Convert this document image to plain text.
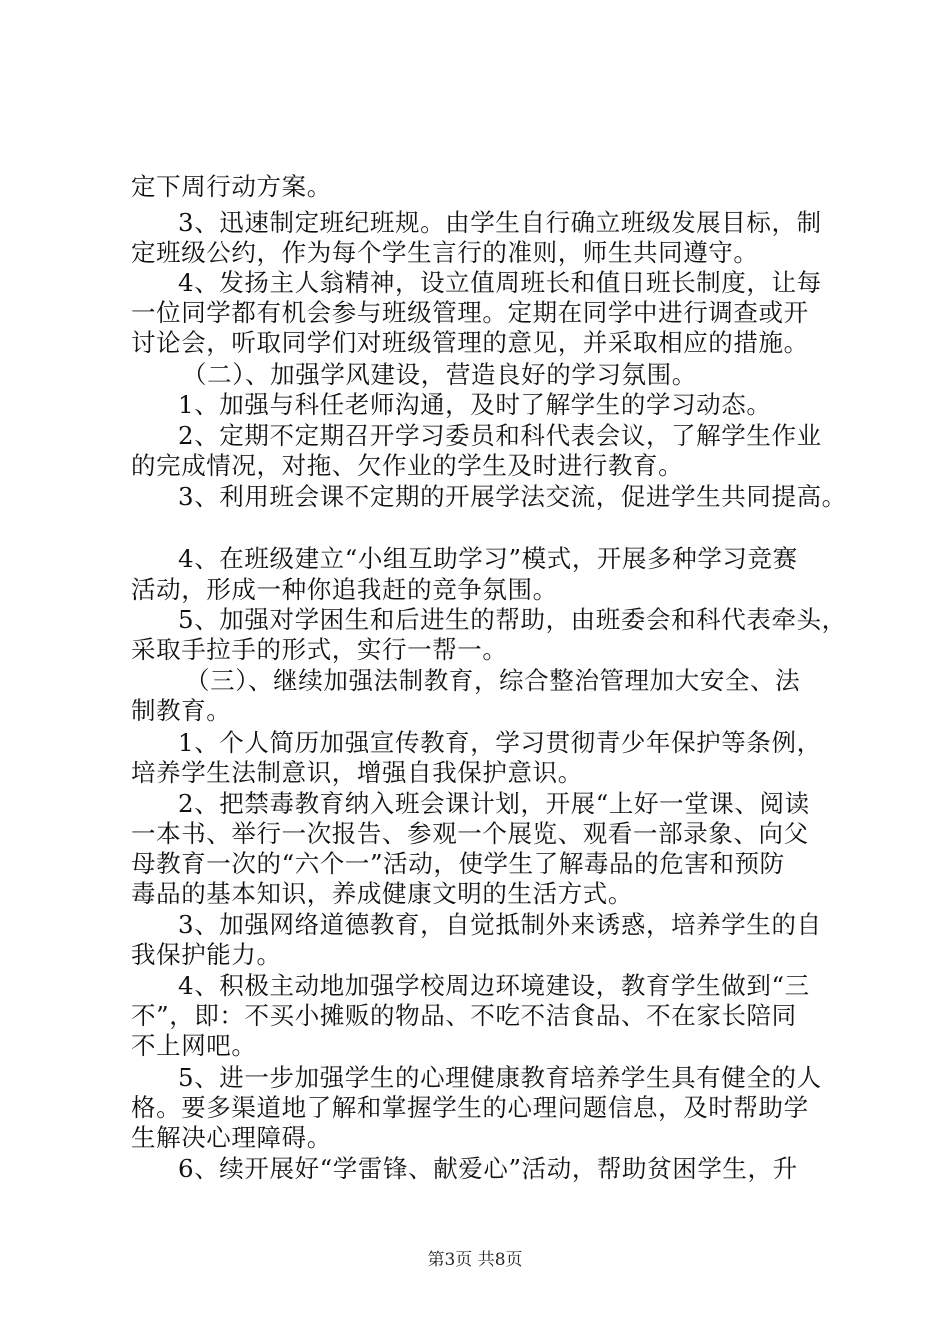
定下周行动方案。
3、迅速制定班纪班规。由学生自行确立班级发展目标，制
定班级公约，作为每个学生言行的准则，师生共同遵守。
4、发扬主人翁精神，设立值周班长和值日班长制度，让每
一位同学都有机会参与班级管理。定期在同学中进行调查或开
讨论会，听取同学们对班级管理的意见，并采取相应的措施。
（二）、加强学风建设，营造良好的学习氛围。
1、加强与科任老师沟通，及时了解学生的学习动态。
2、定期不定期召开学习委员和科代表会议，了解学生作业
的完成情况，对拖、欠作业的学生及时进行教育。
3、利用班会课不定期的开展学法交流，促进学生共同提高。
4、在班级建立“小组互助学习”模式，开展多种学习竞赛
活动，形成一种你追我赶的竞争氛围。
5、加强对学困生和后进生的帮助，由班委会和科代表牵头，
采取手拉手的形式，实行一帮一。
（三）、继续加强法制教育，综合整治管理加大安全、法
制教育。
1、个人简历加强宣传教育，学习贯彻青少年保护等条例，
培养学生法制意识，增强自我保护意识。
2、把禁毒教育纳入班会课计划，开展“上好一堂课、阅读
一本书、举行一次报告、参观一个展览、观看一部录象、向父
母教育一次的“六个一”活动，使学生了解毒品的危害和预防
毒品的基本知识，养成健康文明的生活方式。
3、加强网络道德教育，自觉抵制外来诱惑，培养学生的自
我保护能力。
4、积极主动地加强学校周边环境建设，教育学生做到“三
不”，即：不买小摊贩的物品、不吃不洁食品、不在家长陪同
不上网吧。
5、进一步加强学生的心理健康教育培养学生具有健全的人
格。要多渠道地了解和掌握学生的心理问题信息，及时帮助学
生解决心理障碍。
6、续开展好“学雷锋、献爱心”活动，帮助贫困学生，升
第3页 共8页
